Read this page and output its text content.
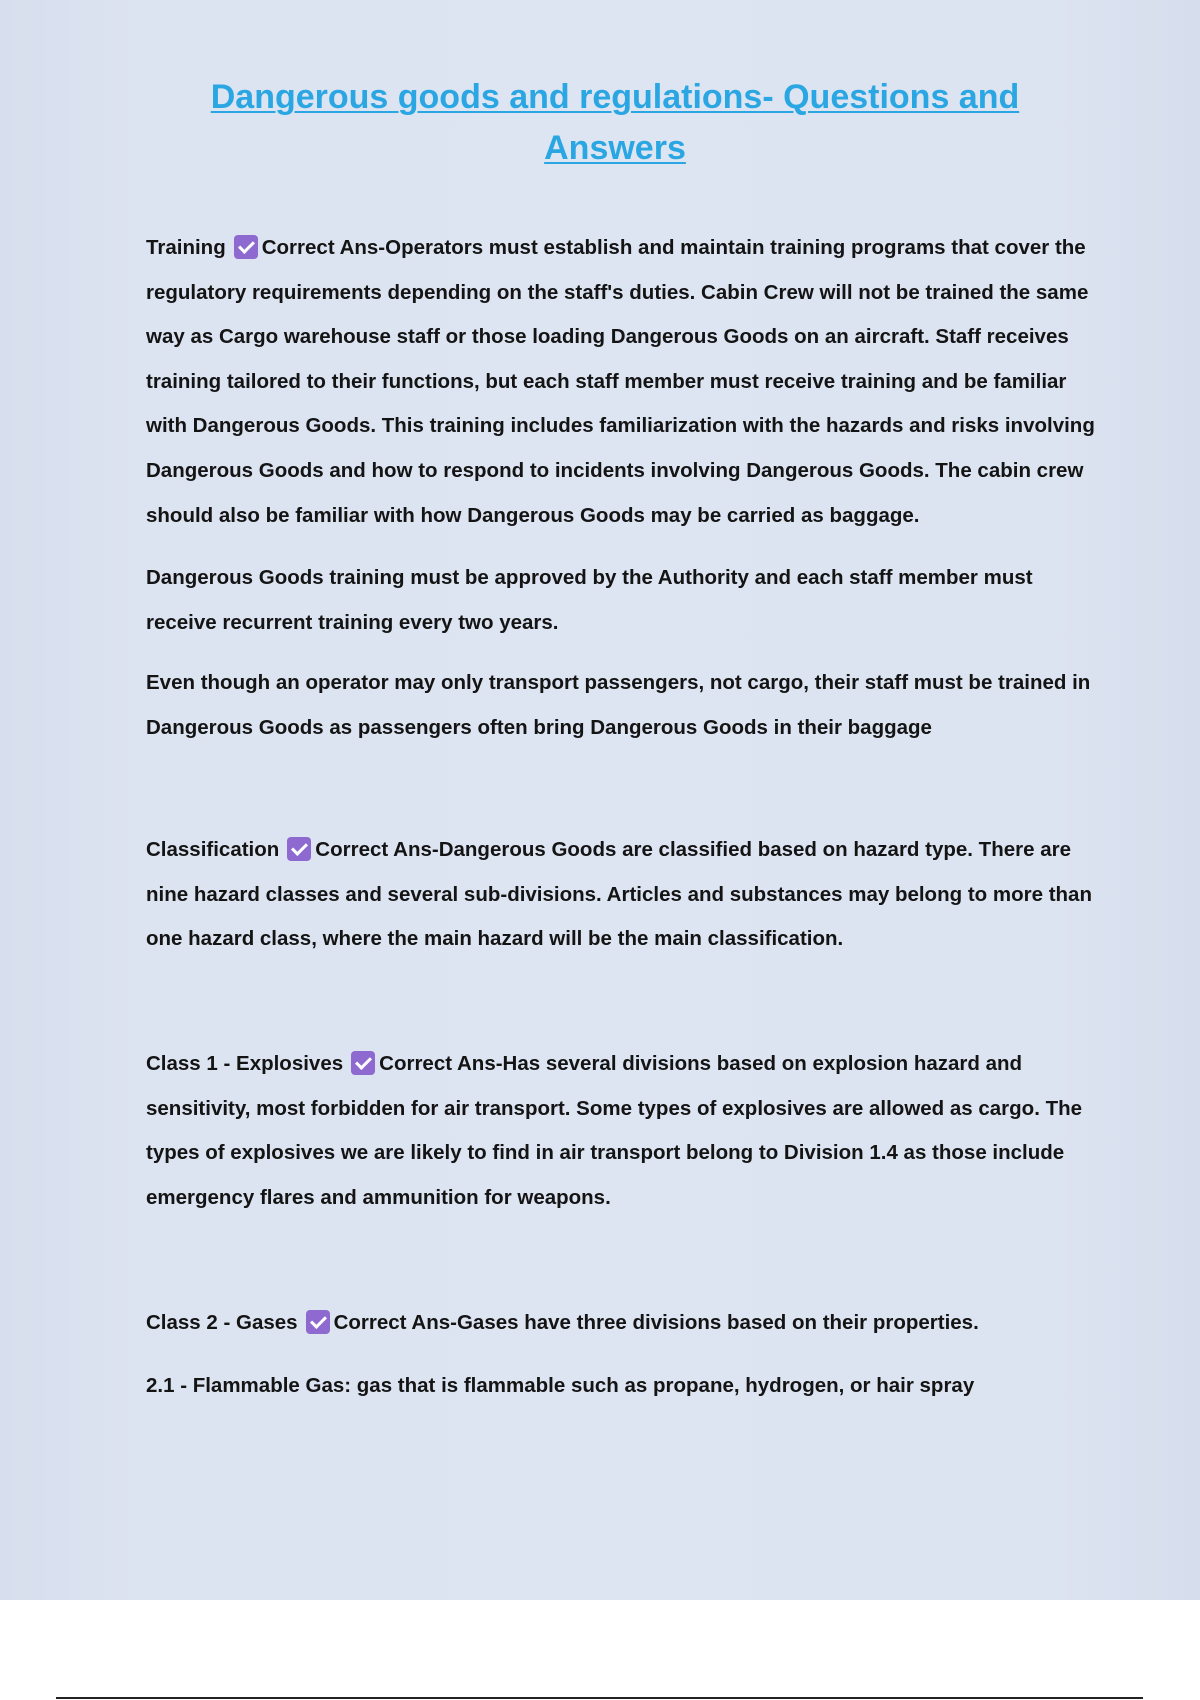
Dangerous goods and regulations- Questions and Answers

Training Correct Ans-Operators must establish and maintain training programs that cover the regulatory requirements depending on the staff's duties. Cabin Crew will not be trained the same way as Cargo warehouse staff or those loading Dangerous Goods on an aircraft. Staff receives training tailored to their functions, but each staff member must receive training and be familiar with Dangerous Goods. This training includes familiarization with the hazards and risks involving Dangerous Goods and how to respond to incidents involving Dangerous Goods. The cabin crew should also be familiar with how Dangerous Goods may be carried as baggage.

Dangerous Goods training must be approved by the Authority and each staff member must receive recurrent training every two years.

Even though an operator may only transport passengers, not cargo, their staff must be trained in Dangerous Goods as passengers often bring Dangerous Goods in their baggage

Classification Correct Ans-Dangerous Goods are classified based on hazard type. There are nine hazard classes and several sub-divisions. Articles and substances may belong to more than one hazard class, where the main hazard will be the main classification.

Class 1 - Explosives Correct Ans-Has several divisions based on explosion hazard and sensitivity, most forbidden for air transport. Some types of explosives are allowed as cargo. The types of explosives we are likely to find in air transport belong to Division 1.4 as those include emergency flares and ammunition for weapons.

Class 2 - Gases Correct Ans-Gases have three divisions based on their properties.

2.1 - Flammable Gas: gas that is flammable such as propane, hydrogen, or hair spray
